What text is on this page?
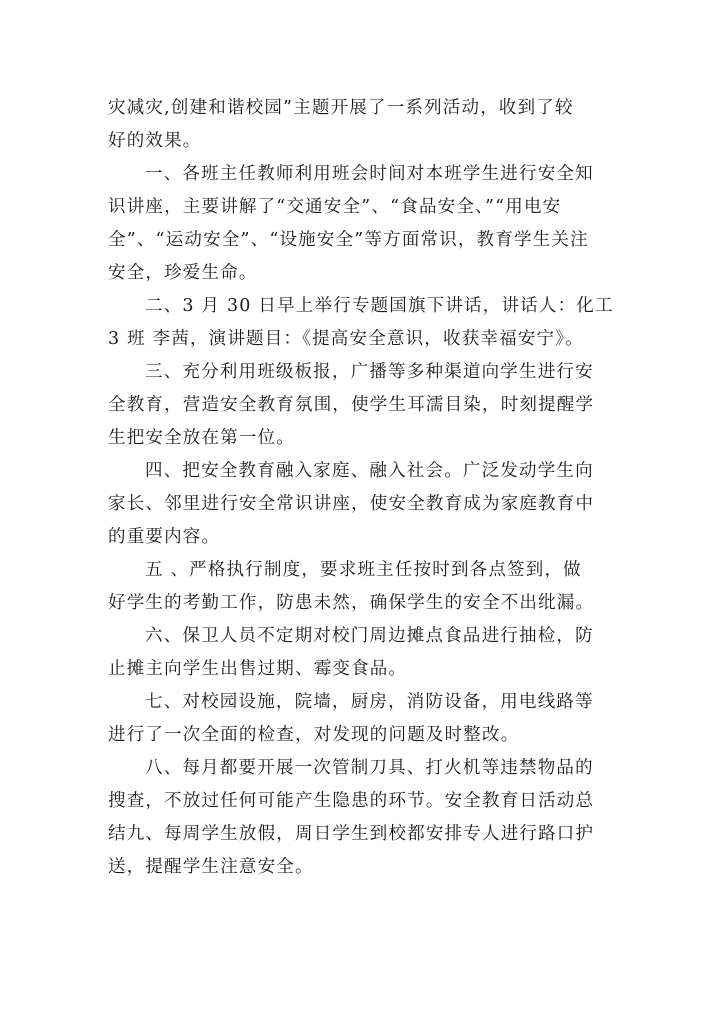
灾减灾,创建和谐校园”主题开展了一系列活动，收到了较
好的效果。
一、各班主任教师利用班会时间对本班学生进行安全知
识讲座，主要讲解了“交通安全”、“食品安全、”“用电安
全”、“运动安全”、“设施安全”等方面常识，教育学生关注
安全，珍爱生命。
二、3 月 30 日早上举行专题国旗下讲话，讲话人：化工
3 班 李茜，演讲题目：《提高安全意识，收获幸福安宁》。
三、充分利用班级板报，广播等多种渠道向学生进行安
全教育，营造安全教育氛围，使学生耳濡目染，时刻提醒学
生把安全放在第一位。
四、把安全教育融入家庭、融入社会。广泛发动学生向
家长、邻里进行安全常识讲座，使安全教育成为家庭教育中
的重要内容。
五 、严格执行制度，要求班主任按时到各点签到，做
好学生的考勤工作，防患未然，确保学生的安全不出纰漏。
六、保卫人员不定期对校门周边摊点食品进行抽检，防
止摊主向学生出售过期、霉变食品。
七、对校园设施，院墙，厨房，消防设备，用电线路等
进行了一次全面的检查，对发现的问题及时整改。
八、每月都要开展一次管制刀具、打火机等违禁物品的
搜查，不放过任何可能产生隐患的环节。安全教育日活动总
结九、每周学生放假，周日学生到校都安排专人进行路口护
送，提醒学生注意安全。
